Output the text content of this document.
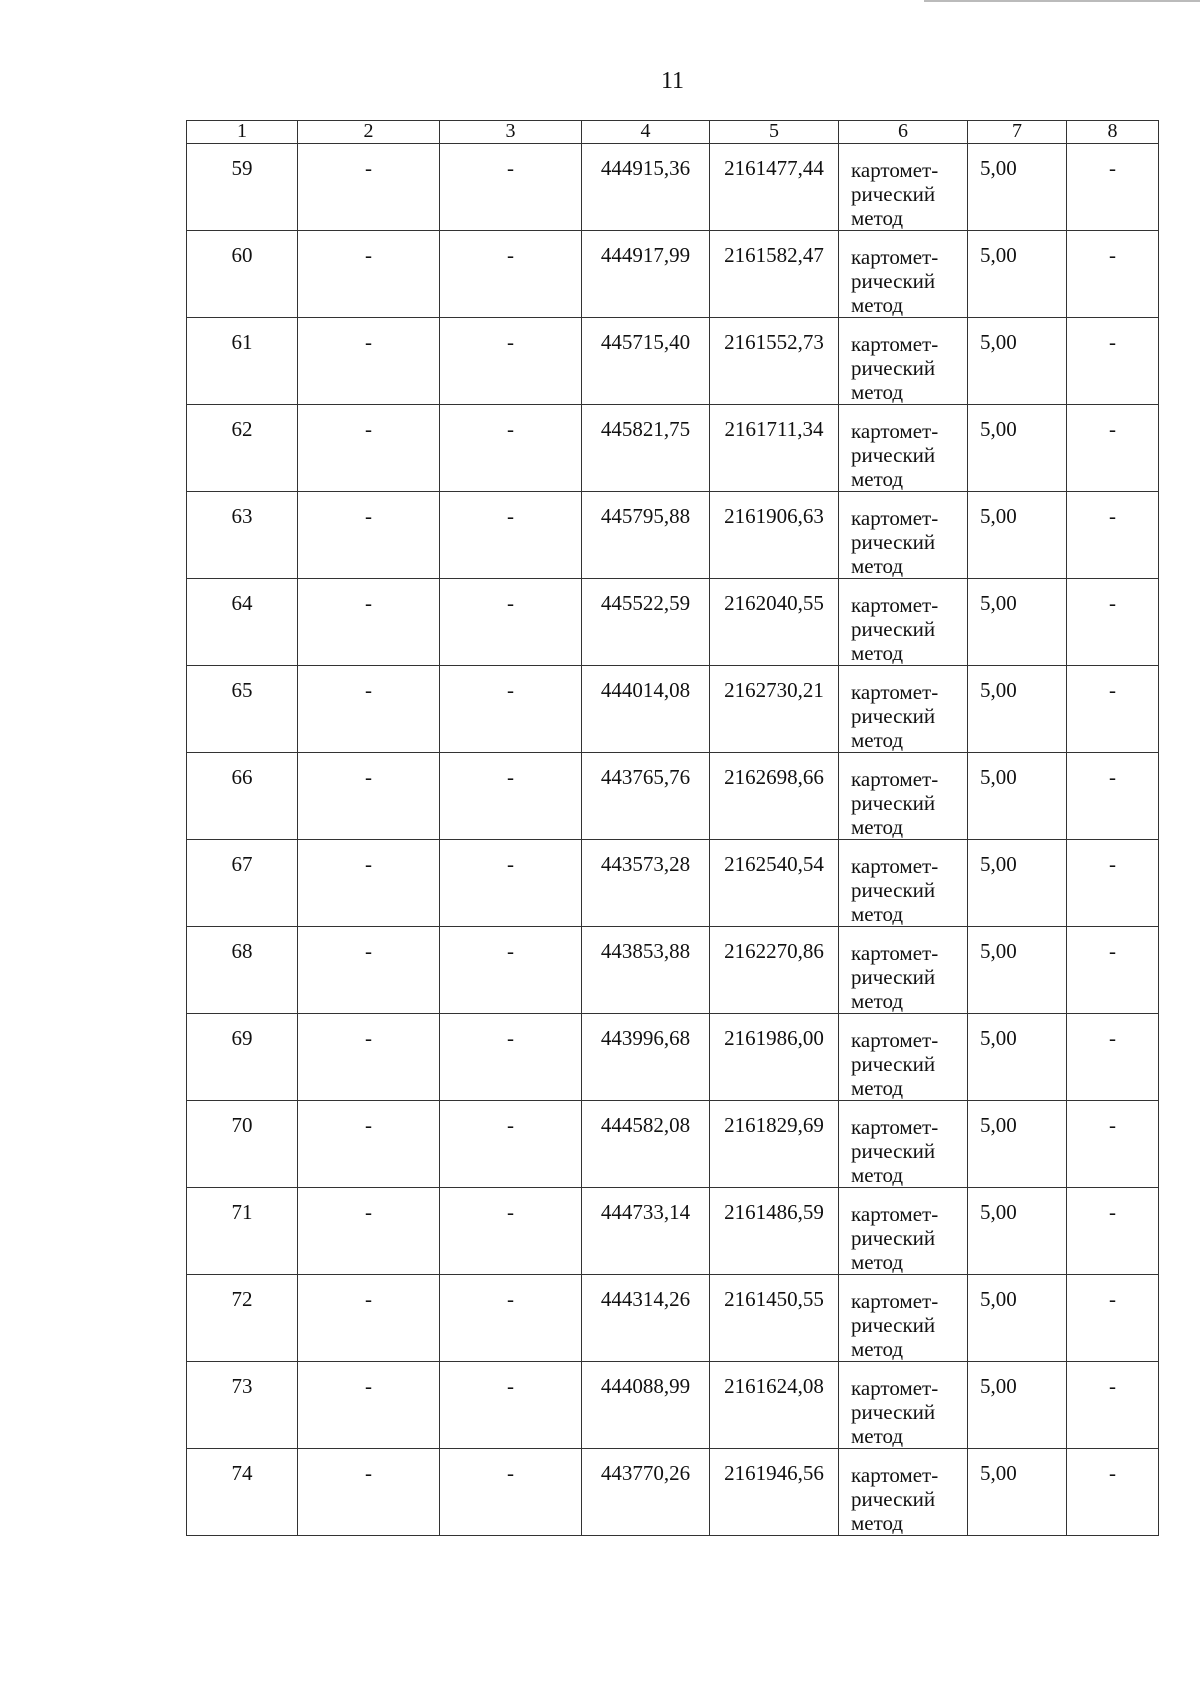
11
1	2	3	4	5	6	7	8
59	-	-	444915,36	2161477,44	картомет- рический метод	5,00	-
60	-	-	444917,99	2161582,47	картомет- рический метод	5,00	-
61	-	-	445715,40	2161552,73	картомет- рический метод	5,00	-
62	-	-	445821,75	2161711,34	картомет- рический метод	5,00	-
63	-	-	445795,88	2161906,63	картомет- рический метод	5,00	-
64	-	-	445522,59	2162040,55	картомет- рический метод	5,00	-
65	-	-	444014,08	2162730,21	картомет- рический метод	5,00	-
66	-	-	443765,76	2162698,66	картомет- рический метод	5,00	-
67	-	-	443573,28	2162540,54	картомет- рический метод	5,00	-
68	-	-	443853,88	2162270,86	картомет- рический метод	5,00	-
69	-	-	443996,68	2161986,00	картомет- рический метод	5,00	-
70	-	-	444582,08	2161829,69	картомет- рический метод	5,00	-
71	-	-	444733,14	2161486,59	картомет- рический метод	5,00	-
72	-	-	444314,26	2161450,55	картомет- рический метод	5,00	-
73	-	-	444088,99	2161624,08	картомет- рический метод	5,00	-
74	-	-	443770,26	2161946,56	картомет- рический метод	5,00	-
